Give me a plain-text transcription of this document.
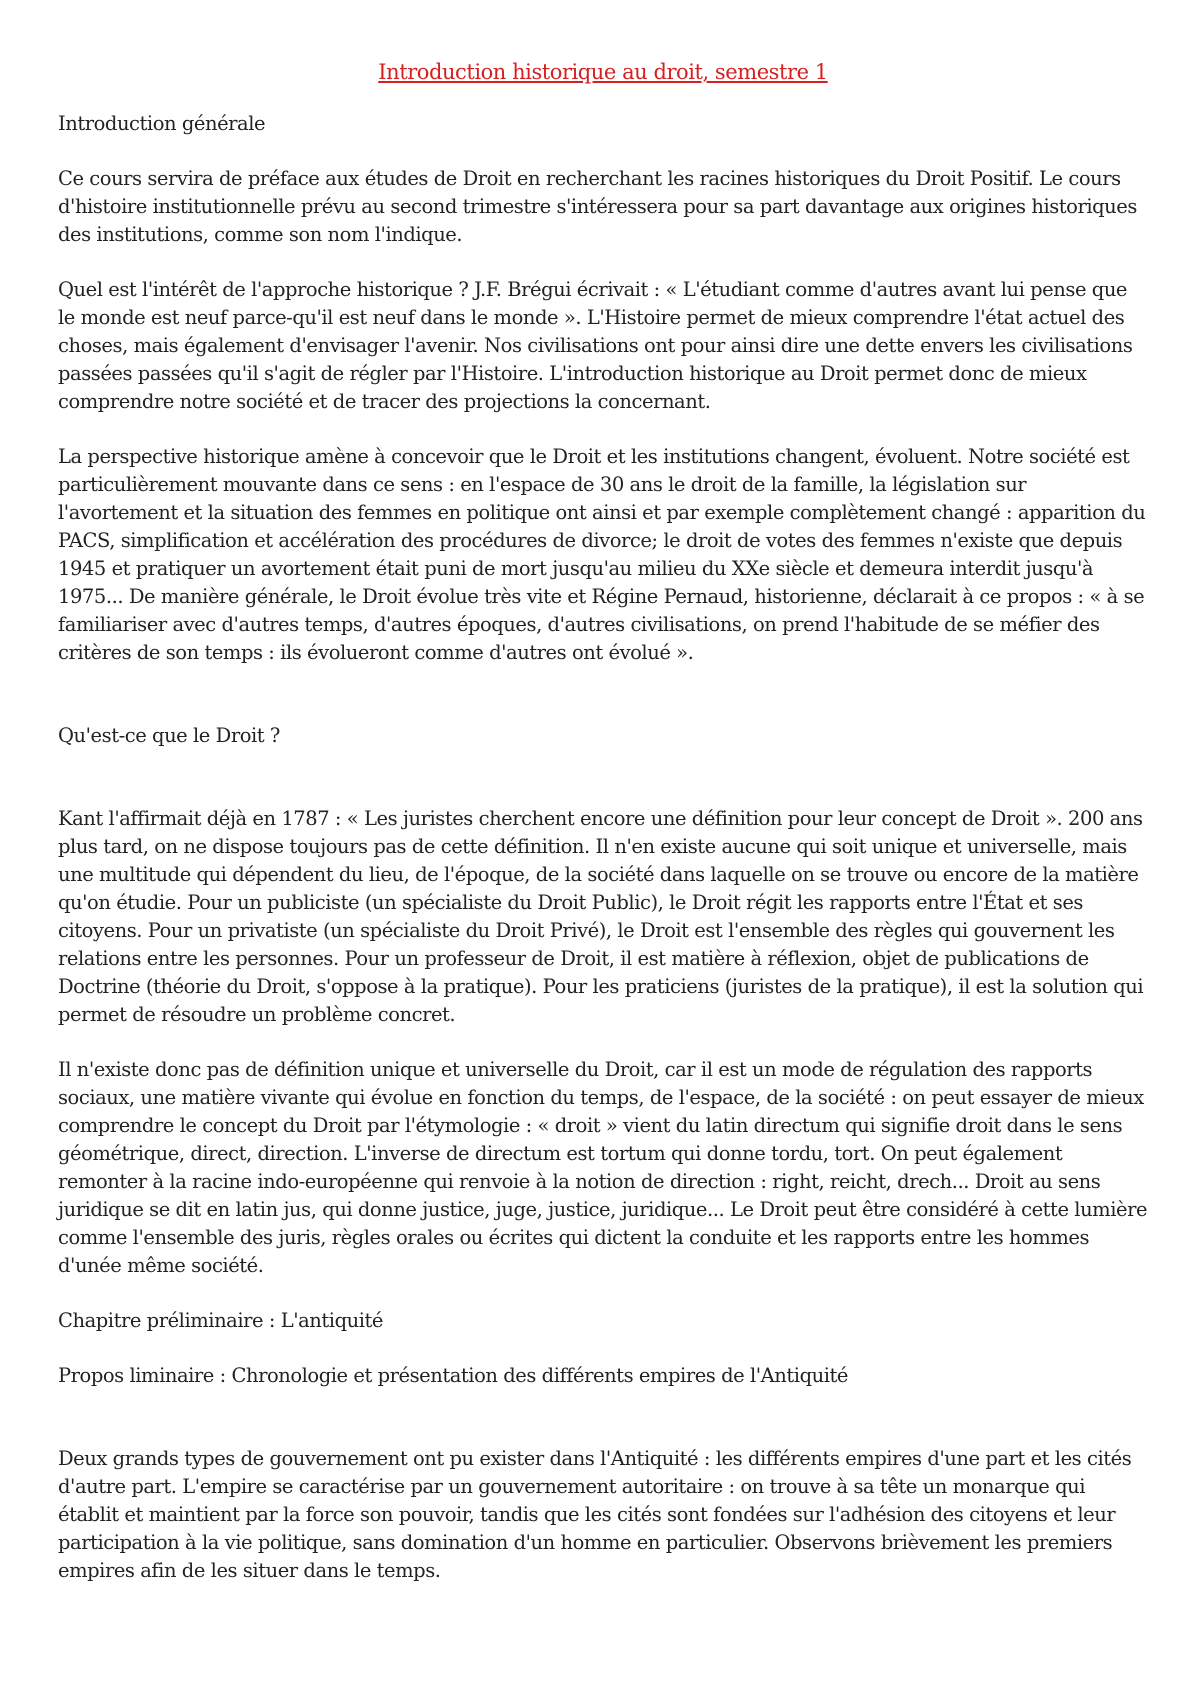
Introduction historique au droit, semestre 1

Introduction générale

Ce cours servira de préface aux études de Droit en recherchant les racines historiques du Droit Positif. Le cours d'histoire institutionnelle prévu au second trimestre s'intéressera pour sa part davantage aux origines historiques des institutions, comme son nom l'indique.

Quel est l'intérêt de l'approche historique ? J.F. Brégui écrivait : « L'étudiant comme d'autres avant lui pense que le monde est neuf parce-qu'il est neuf dans le monde ». L'Histoire permet de mieux comprendre l'état actuel des choses, mais également d'envisager l'avenir. Nos civilisations ont pour ainsi dire une dette envers les civilisations passées passées qu'il s'agit de régler par l'Histoire. L'introduction historique au Droit permet donc de mieux comprendre notre société et de tracer des projections la concernant.

La perspective historique amène à concevoir que le Droit et les institutions changent, évoluent. Notre société est particulièrement mouvante dans ce sens : en l'espace de 30 ans le droit de la famille, la législation sur l'avortement et la situation des femmes en politique ont ainsi et par exemple complètement changé : apparition du PACS, simplification et accélération des procédures de divorce; le droit de votes des femmes n'existe que depuis 1945 et pratiquer un avortement était puni de mort jusqu'au milieu du XXe siècle et demeura interdit jusqu'à 1975... De manière générale, le Droit évolue très vite et Régine Pernaud, historienne, déclarait à ce propos : « à se familiariser avec d'autres temps, d'autres époques, d'autres civilisations, on prend l'habitude de se méfier des critères de son temps : ils évolueront comme d'autres ont évolué ».

Qu'est-ce que le Droit ?

Kant l'affirmait déjà en 1787 : « Les juristes cherchent encore une définition pour leur concept de Droit ». 200 ans plus tard, on ne dispose toujours pas de cette définition. Il n'en existe aucune qui soit unique et universelle, mais une multitude qui dépendent du lieu, de l'époque, de la société dans laquelle on se trouve ou encore de la matière qu'on étudie. Pour un publiciste (un spécialiste du Droit Public), le Droit régit les rapports entre l'État et ses citoyens. Pour un privatiste (un spécialiste du Droit Privé), le Droit est l'ensemble des règles qui gouvernent les relations entre les personnes. Pour un professeur de Droit, il est matière à réflexion, objet de publications de Doctrine (théorie du Droit, s'oppose à la pratique). Pour les praticiens (juristes de la pratique), il est la solution qui permet de résoudre un problème concret.

Il n'existe donc pas de définition unique et universelle du Droit, car il est un mode de régulation des rapports sociaux, une matière vivante qui évolue en fonction du temps, de l'espace, de la société : on peut essayer de mieux comprendre le concept du Droit par l'étymologie : « droit » vient du latin directum qui signifie droit dans le sens géométrique, direct, direction. L'inverse de directum est tortum qui donne tordu, tort. On peut également remonter à la racine indo-européenne qui renvoie à la notion de direction : right, reicht, drech... Droit au sens juridique se dit en latin jus, qui donne justice, juge, justice, juridique... Le Droit peut être considéré à cette lumière comme l'ensemble des juris, règles orales ou écrites qui dictent la conduite et les rapports entre les hommes d'unée même société.

Chapitre préliminaire : L'antiquité

Propos liminaire : Chronologie et présentation des différents empires de l'Antiquité

Deux grands types de gouvernement ont pu exister dans l'Antiquité : les différents empires d'une part et les cités d'autre part. L'empire se caractérise par un gouvernement autoritaire : on trouve à sa tête un monarque qui établit et maintient par la force son pouvoir, tandis que les cités sont fondées sur l'adhésion des citoyens et leur participation à la vie politique, sans domination d'un homme en particulier. Observons brièvement les premiers empires afin de les situer dans le temps.
